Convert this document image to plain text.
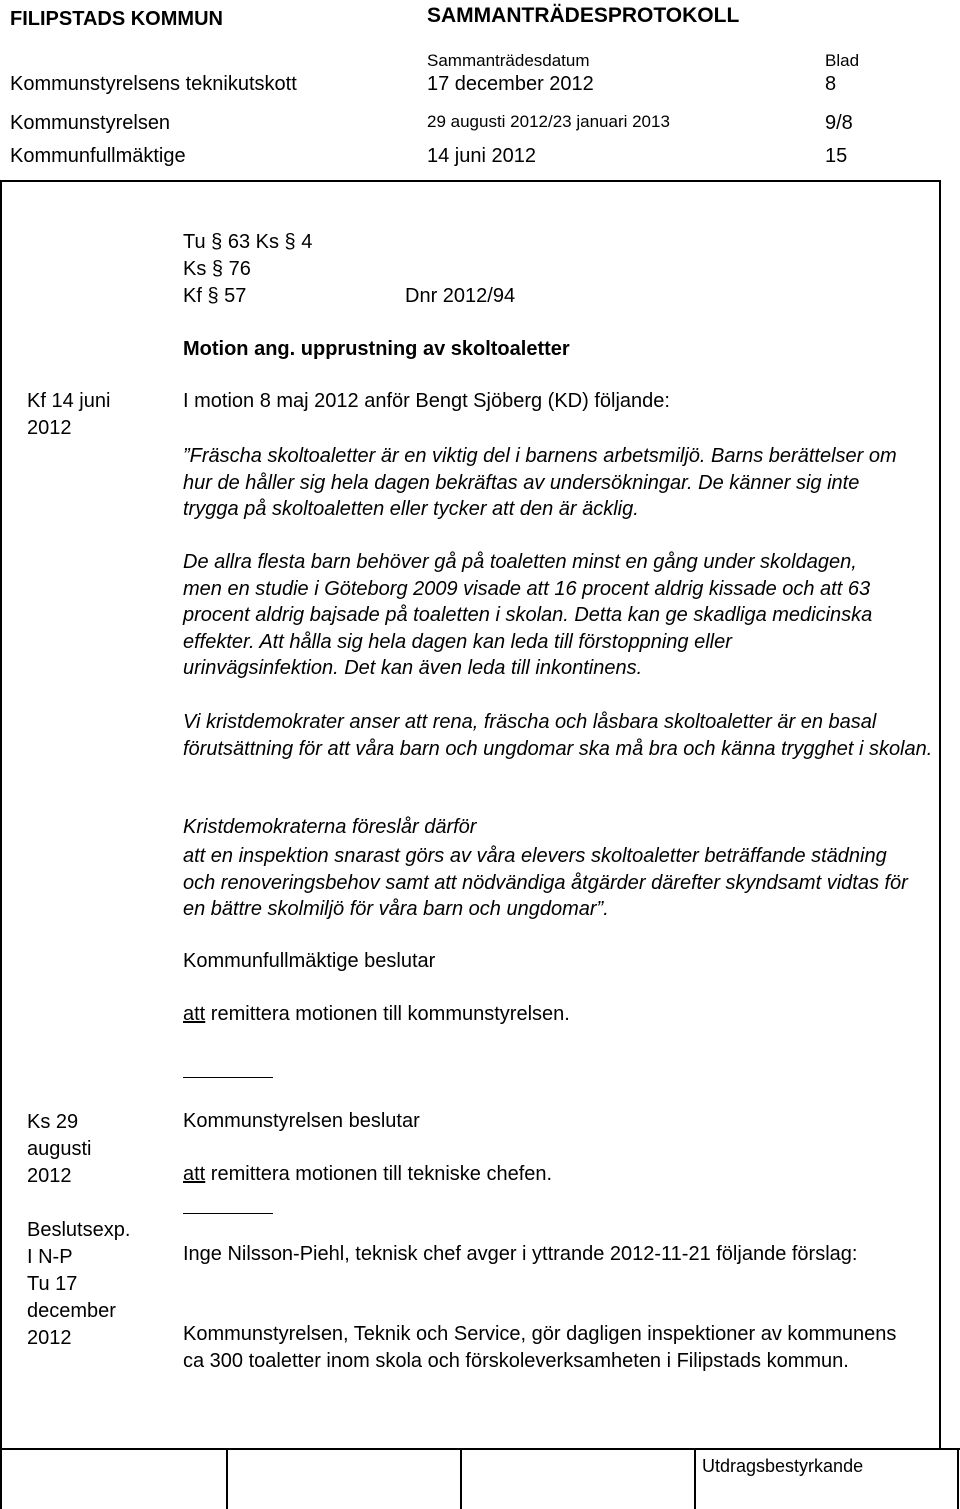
FILIPSTADS KOMMUN	SAMMANTRÄDESPROTOKOLL
Sammanträdesdatum	Blad
Kommunstyrelsens teknikutskott	17 december 2012	8
Kommunstyrelsen	29 augusti 2012/23 januari 2013	9/8
Kommunfullmäktige	14 juni 2012	15
Tu § 63 Ks § 4
Ks § 76
Kf § 57	Dnr 2012/94
Motion ang. upprustning av skoltoaletter
Kf 14 juni
2012
I motion 8 maj 2012 anför Bengt Sjöberg (KD) följande:
”Fräscha skoltoaletter är en viktig del i barnens arbetsmiljö. Barns berättelser om hur de håller sig hela dagen bekräftas av undersökningar. De känner sig inte trygga på skoltoaletten eller tycker att den är äcklig.
De allra flesta barn behöver gå på toaletten minst en gång under skoldagen, men en studie i Göteborg 2009 visade att 16 procent aldrig kissade och att 63 procent aldrig bajsade på toaletten i skolan. Detta kan ge skadliga medicinska effekter. Att hålla sig hela dagen kan leda till förstoppning eller urinvägsinfektion. Det kan även leda till inkontinens.
Vi kristdemokrater anser att rena, fräscha och låsbara skoltoaletter är en basal förutsättning för att våra barn och ungdomar ska må bra och känna trygghet i skolan.
Kristdemokraterna föreslår därför
att en inspektion snarast görs av våra elevers skoltoaletter beträffande städning och renoveringsbehov samt att nödvändiga åtgärder därefter skyndsamt vidtas för en bättre skolmiljö för våra barn och ungdomar”.
Kommunfullmäktige beslutar
att remittera motionen till kommunstyrelsen.
Ks 29
augusti
2012

Beslutsexp.
I N-P
Tu 17
december
2012
Kommunstyrelsen beslutar
att remittera motionen till tekniske chefen.
Inge Nilsson-Piehl, teknisk chef avger i yttrande 2012-11-21 följande förslag:
Kommunstyrelsen, Teknik och Service, gör dagligen inspektioner av kommunens ca 300 toaletter inom skola och förskoleverksamheten i Filipstads kommun.
Utdragsbestyrkande
